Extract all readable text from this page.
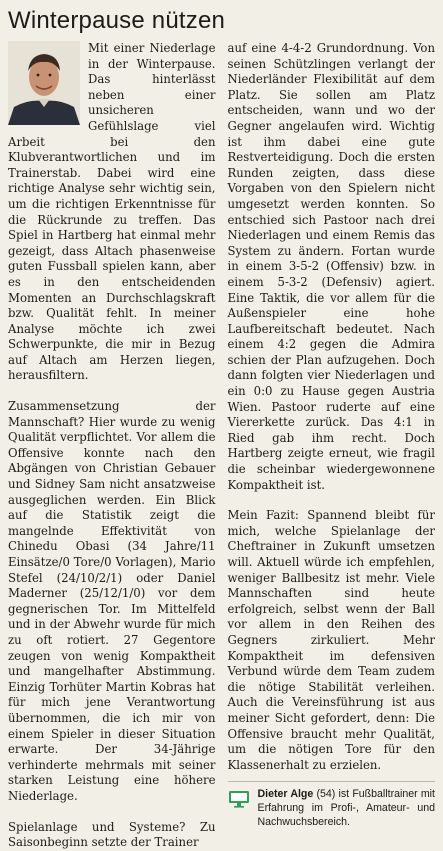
Winterpause nützen

Mit einer Niederlage in der Winterpause. Das hinterlässt neben einer unsicheren Gefühlslage viel Arbeit bei den Klubverantwortlichen und im Trainerstab. Dabei wird eine richtige Analyse sehr wichtig sein, um die richtigen Erkenntnisse für die Rückrunde zu treffen. Das Spiel in Hartberg hat einmal mehr gezeigt, dass Altach phasenweise guten Fussball spielen kann, aber es in den entscheidenden Momenten an Durchschlagskraft bzw. Qualität fehlt. In meiner Analyse möchte ich zwei Schwerpunkte, die mir in Bezug auf Altach am Herzen liegen, herausfiltern.

Zusammensetzung der Mannschaft? Hier wurde zu wenig Qualität verpflichtet. Vor allem die Offensive konnte nach den Abgängen von Christian Gebauer und Sidney Sam nicht ansatzweise ausgeglichen werden. Ein Blick auf die Statistik zeigt die mangelnde Effektivität von Chinedu Obasi (34 Jahre/11 Einsätze/0 Tore/0 Vorlagen), Mario Stefel (24/10/2/1) oder Daniel Maderner (25/12/1/0) vor dem gegnerischen Tor. Im Mittelfeld und in der Abwehr wurde für mich zu oft rotiert. 27 Gegentore zeugen von wenig Kompaktheit und mangelhafter Abstimmung. Einzig Torhüter Martin Kobras hat für mich jene Verantwortung übernommen, die ich mir von einem Spieler in dieser Situation erwarte. Der 34-Jährige verhinderte mehrmals mit seiner starken Leistung eine höhere Niederlage.

Spielanlage und Systeme? Zu Saisonbeginn setzte der Trainer

auf eine 4-4-2 Grundordnung. Von seinen Schützlingen verlangt der Niederländer Flexibilität auf dem Platz. Sie sollen am Platz entscheiden, wann und wo der Gegner angelaufen wird. Wichtig ist ihm dabei eine gute Restverteidigung. Doch die ersten Runden zeigten, dass diese Vorgaben von den Spielern nicht umgesetzt werden konnten. So entschied sich Pastoor nach drei Niederlagen und einem Remis das System zu ändern. Fortan wurde in einem 3-5-2 (Offensiv) bzw. in einem 5-3-2 (Defensiv) agiert. Eine Taktik, die vor allem für die Außenspieler eine hohe Laufbereitschaft bedeutet. Nach einem 4:2 gegen die Admira schien der Plan aufzugehen. Doch dann folgten vier Niederlagen und ein 0:0 zu Hause gegen Austria Wien. Pastoor ruderte auf eine Viererkette zurück. Das 4:1 in Ried gab ihm recht. Doch Hartberg zeigte erneut, wie fragil die scheinbar wiedergewonnene Kompaktheit ist.

Mein Fazit: Spannend bleibt für mich, welche Spielanlage der Cheftrainer in Zukunft umsetzen will. Aktuell würde ich empfehlen, weniger Ballbesitz ist mehr. Viele Mannschaften sind heute erfolgreich, selbst wenn der Ball vor allem in den Reihen des Gegners zirkuliert. Mehr Kompaktheit im defensiven Verbund würde dem Team zudem die nötige Stabilität verleihen. Auch die Vereinsführung ist aus meiner Sicht gefordert, denn: Die Offensive braucht mehr Qualität, um die nötigen Tore für den Klassenerhalt zu erzielen.

Dieter Alge (54) ist Fußballtrainer mit Erfahrung im Profi-, Amateur- und Nachwuchsbereich.
